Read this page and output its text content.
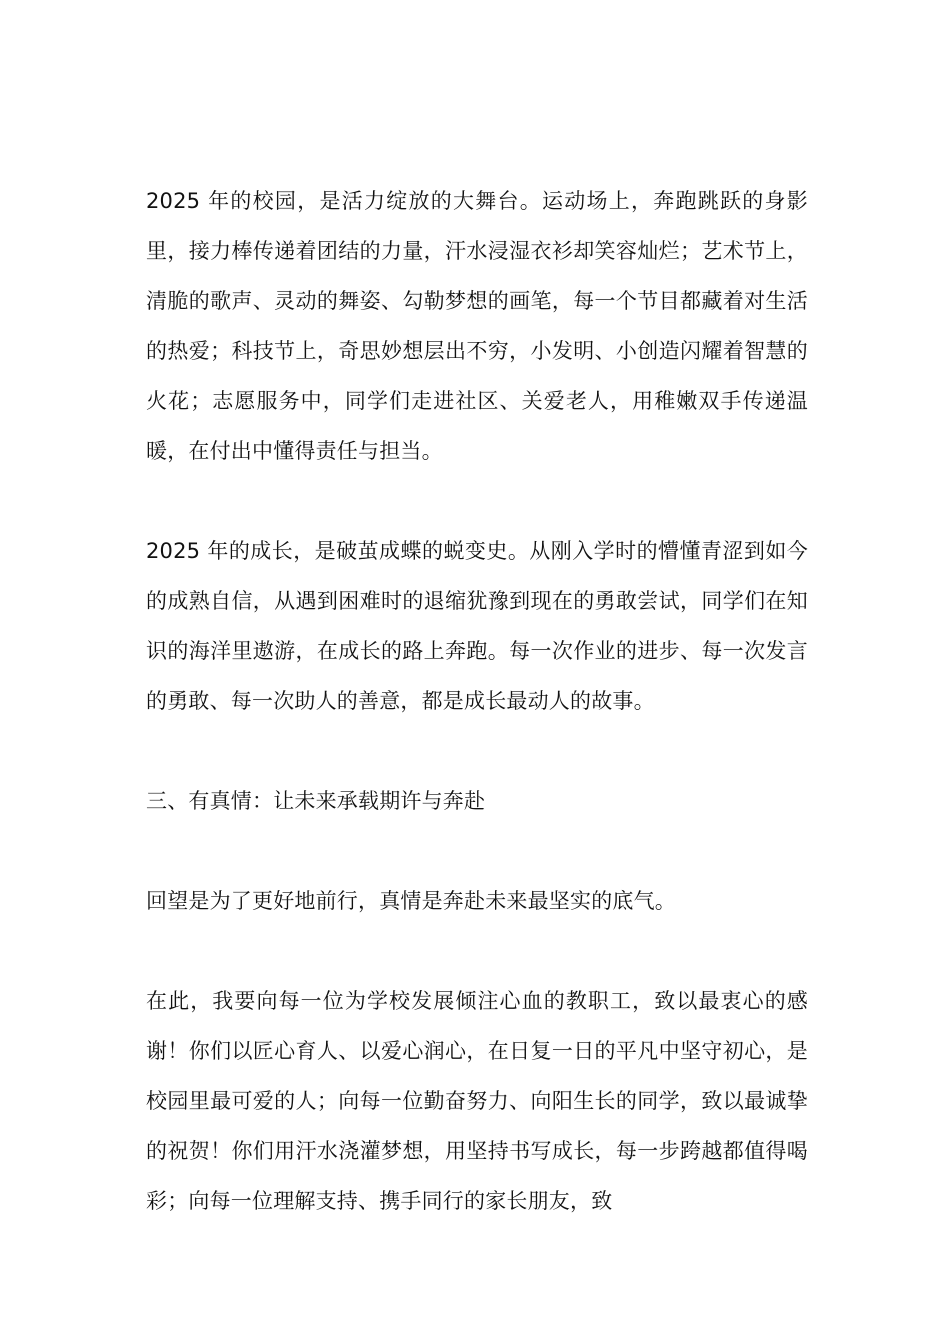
2025 年的校园，是活力绽放的大舞台。运动场上，奔跑跳跃的身影里，接力棒传递着团结的力量，汗水浸湿衣衫却笑容灿烂；艺术节上，清脆的歌声、灵动的舞姿、勾勒梦想的画笔，每一个节目都藏着对生活的热爱；科技节上，奇思妙想层出不穷，小发明、小创造闪耀着智慧的火花；志愿服务中，同学们走进社区、关爱老人，用稚嫩双手传递温暖，在付出中懂得责任与担当。

2025 年的成长，是破茧成蝶的蜕变史。从刚入学时的懵懂青涩到如今的成熟自信，从遇到困难时的退缩犹豫到现在的勇敢尝试，同学们在知识的海洋里遨游，在成长的路上奔跑。每一次作业的进步、每一次发言的勇敢、每一次助人的善意，都是成长最动人的故事。

三、有真情：让未来承载期许与奔赴

回望是为了更好地前行，真情是奔赴未来最坚实的底气。

在此，我要向每一位为学校发展倾注心血的教职工，致以最衷心的感谢！你们以匠心育人、以爱心润心，在日复一日的平凡中坚守初心，是校园里最可爱的人；向每一位勤奋努力、向阳生长的同学，致以最诚挚的祝贺！你们用汗水浇灌梦想，用坚持书写成长，每一步跨越都值得喝彩；向每一位理解支持、携手同行的家长朋友，致
